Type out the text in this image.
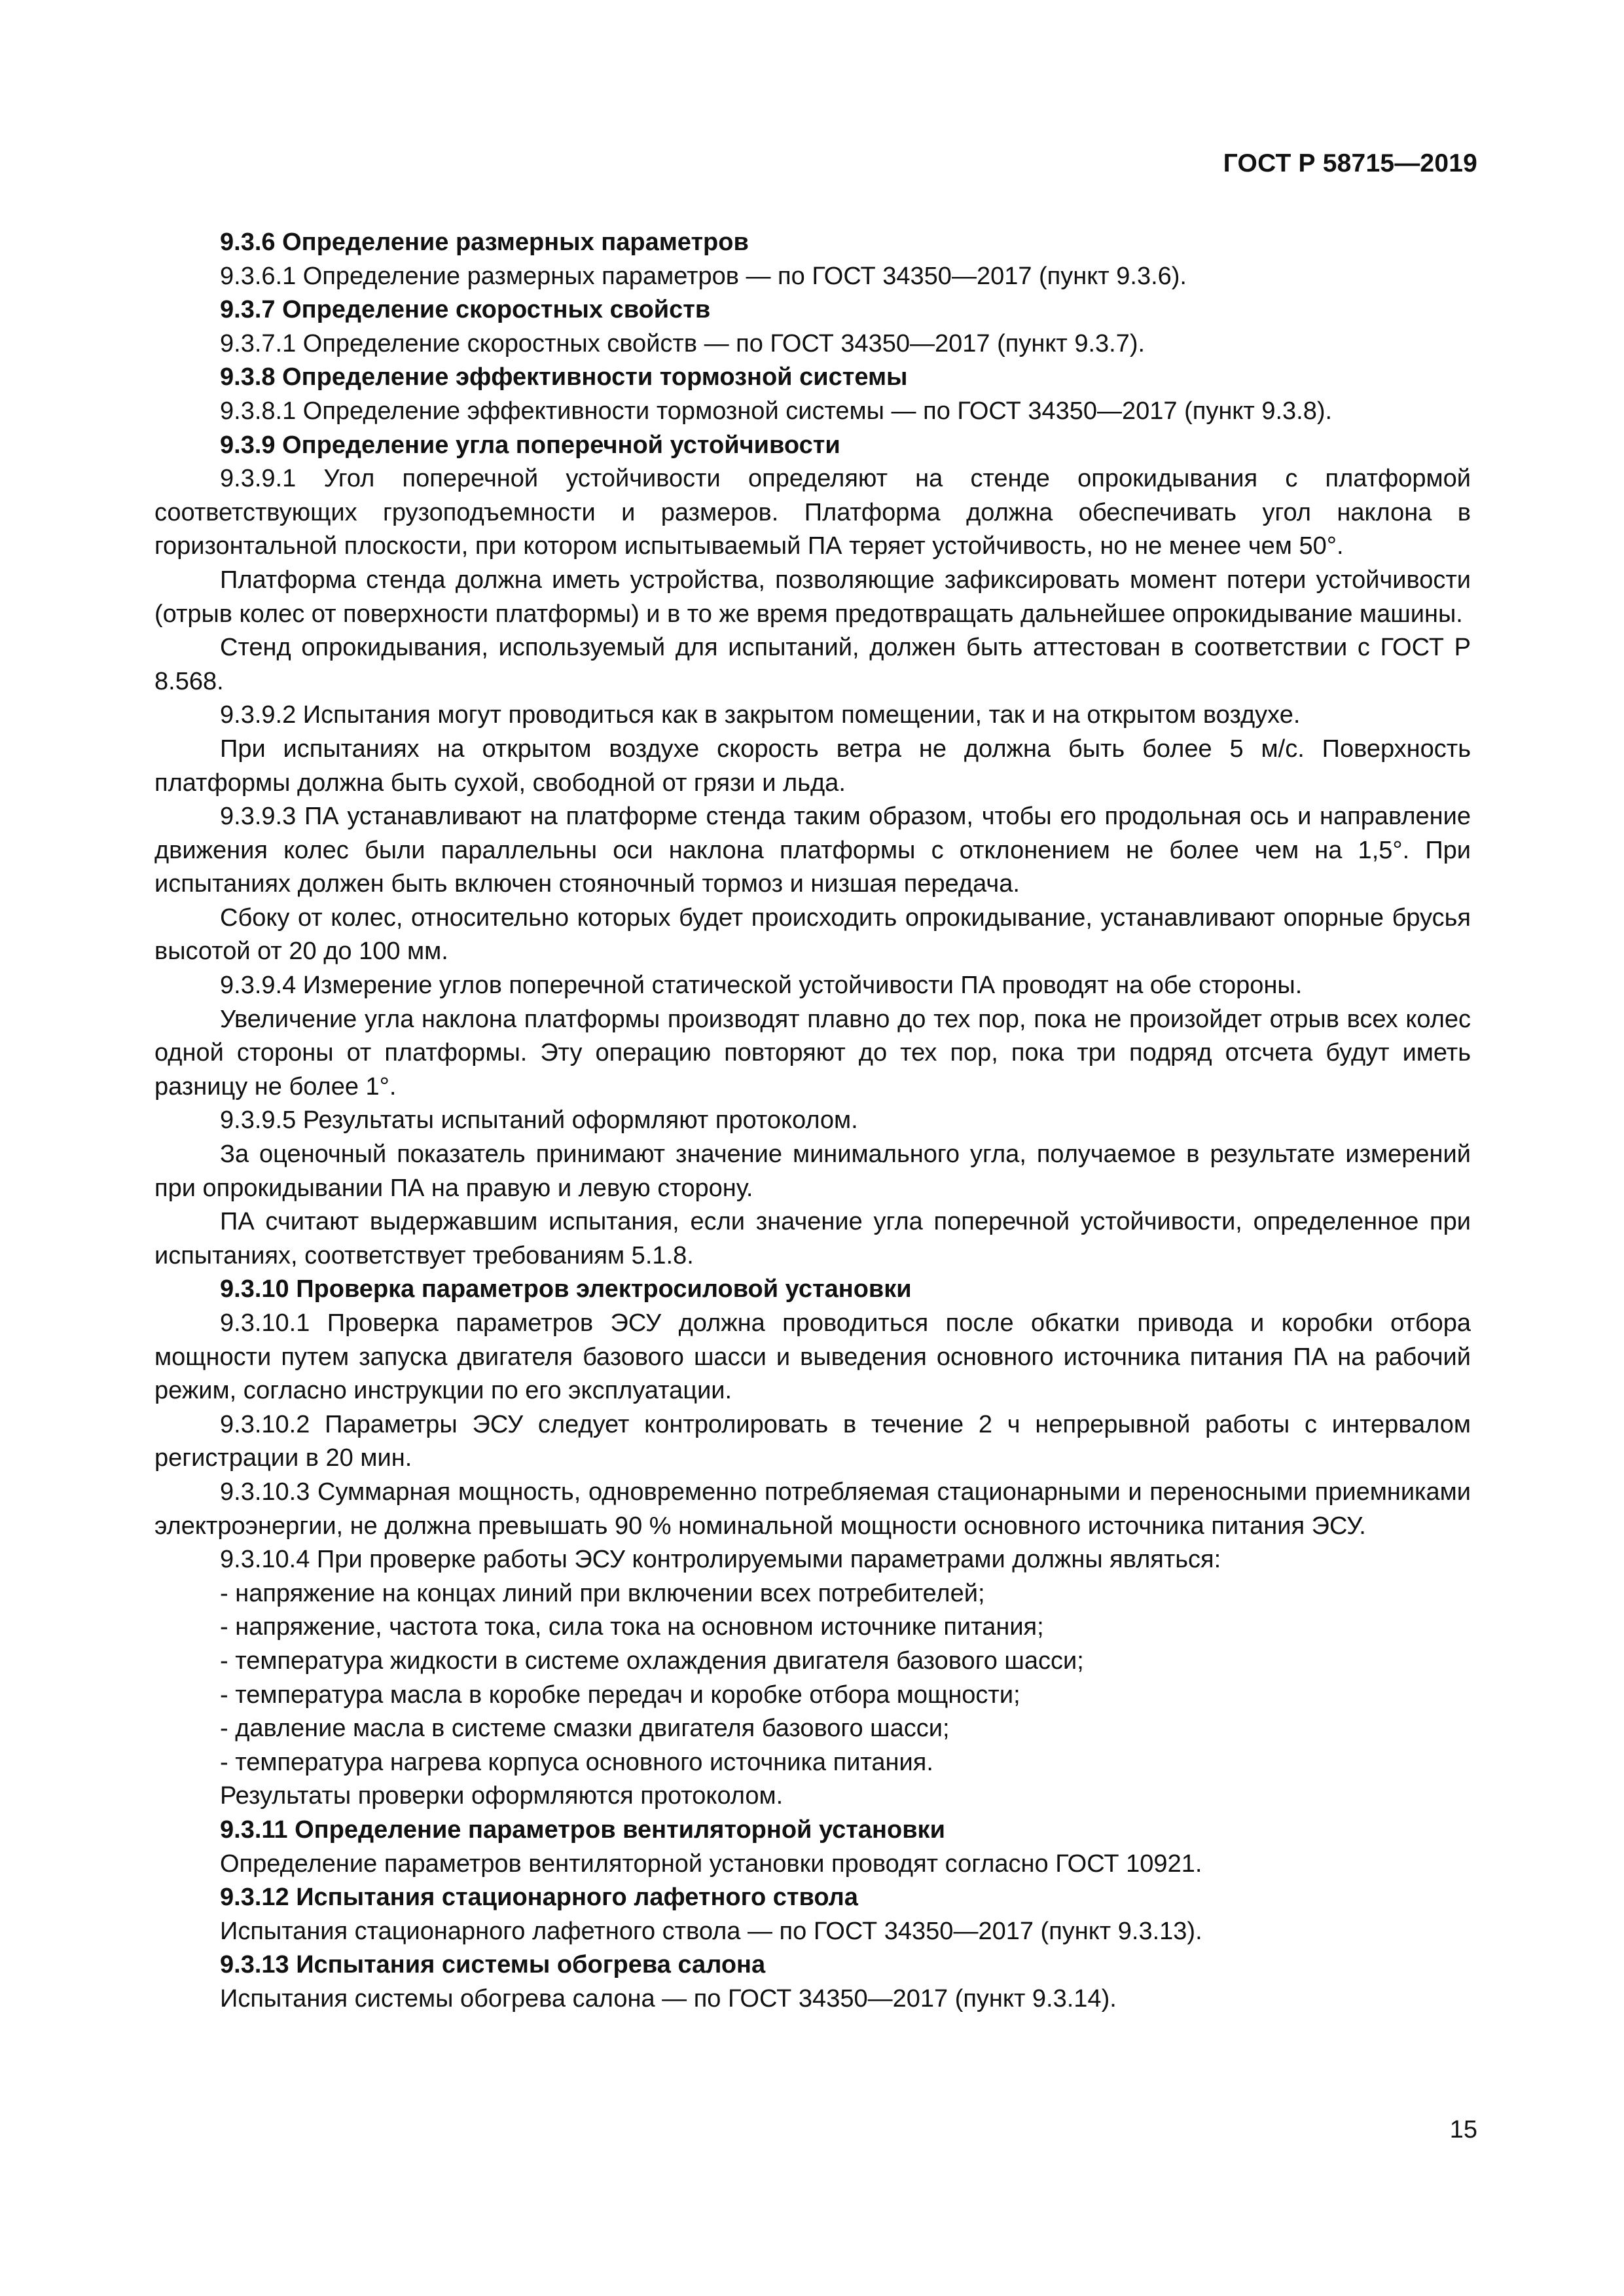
ГОСТ Р 58715—2019

9.3.6 Определение размерных параметров

9.3.6.1 Определение размерных параметров — по ГОСТ 34350—2017 (пункт 9.3.6).

9.3.7 Определение скоростных свойств

9.3.7.1 Определение скоростных свойств — по ГОСТ 34350—2017 (пункт 9.3.7).

9.3.8 Определение эффективности тормозной системы

9.3.8.1 Определение эффективности тормозной системы — по ГОСТ 34350—2017 (пункт 9.3.8).

9.3.9 Определение угла поперечной устойчивости

9.3.9.1 Угол поперечной устойчивости определяют на стенде опрокидывания с платформой соответствующих грузоподъемности и размеров. Платформа должна обеспечивать угол наклона в горизонтальной плоскости, при котором испытываемый ПА теряет устойчивость, но не менее чем 50°.

Платформа стенда должна иметь устройства, позволяющие зафиксировать момент потери устойчивости (отрыв колес от поверхности платформы) и в то же время предотвращать дальнейшее опрокидывание машины.

Стенд опрокидывания, используемый для испытаний, должен быть аттестован в соответствии с ГОСТ Р 8.568.

9.3.9.2 Испытания могут проводиться как в закрытом помещении, так и на открытом воздухе.

При испытаниях на открытом воздухе скорость ветра не должна быть более 5 м/с. Поверхность платформы должна быть сухой, свободной от грязи и льда.

9.3.9.3 ПА устанавливают на платформе стенда таким образом, чтобы его продольная ось и направление движения колес были параллельны оси наклона платформы с отклонением не более чем на 1,5°. При испытаниях должен быть включен стояночный тормоз и низшая передача.

Сбоку от колес, относительно которых будет происходить опрокидывание, устанавливают опорные брусья высотой от 20 до 100 мм.

9.3.9.4 Измерение углов поперечной статической устойчивости ПА проводят на обе стороны.

Увеличение угла наклона платформы производят плавно до тех пор, пока не произойдет отрыв всех колес одной стороны от платформы. Эту операцию повторяют до тех пор, пока три подряд отсчета будут иметь разницу не более 1°.

9.3.9.5 Результаты испытаний оформляют протоколом.

За оценочный показатель принимают значение минимального угла, получаемое в результате измерений при опрокидывании ПА на правую и левую сторону.

ПА считают выдержавшим испытания, если значение угла поперечной устойчивости, определенное при испытаниях, соответствует требованиям 5.1.8.

9.3.10 Проверка параметров электросиловой установки

9.3.10.1 Проверка параметров ЭСУ должна проводиться после обкатки привода и коробки отбора мощности путем запуска двигателя базового шасси и выведения основного источника питания ПА на рабочий режим, согласно инструкции по его эксплуатации.

9.3.10.2 Параметры ЭСУ следует контролировать в течение 2 ч непрерывной работы с интервалом регистрации в 20 мин.

9.3.10.3 Суммарная мощность, одновременно потребляемая стационарными и переносными приемниками электроэнергии, не должна превышать 90 % номинальной мощности основного источника питания ЭСУ.

9.3.10.4 При проверке работы ЭСУ контролируемыми параметрами должны являться:

- напряжение на концах линий при включении всех потребителей;

- напряжение, частота тока, сила тока на основном источнике питания;

- температура жидкости в системе охлаждения двигателя базового шасси;

- температура масла в коробке передач и коробке отбора мощности;

- давление масла в системе смазки двигателя базового шасси;

- температура нагрева корпуса основного источника питания.

Результаты проверки оформляются протоколом.

9.3.11 Определение параметров вентиляторной установки

Определение параметров вентиляторной установки проводят согласно ГОСТ 10921.

9.3.12 Испытания стационарного лафетного ствола

Испытания стационарного лафетного ствола — по ГОСТ 34350—2017 (пункт 9.3.13).

9.3.13 Испытания системы обогрева салона

Испытания системы обогрева салона — по ГОСТ 34350—2017 (пункт 9.3.14).

15
